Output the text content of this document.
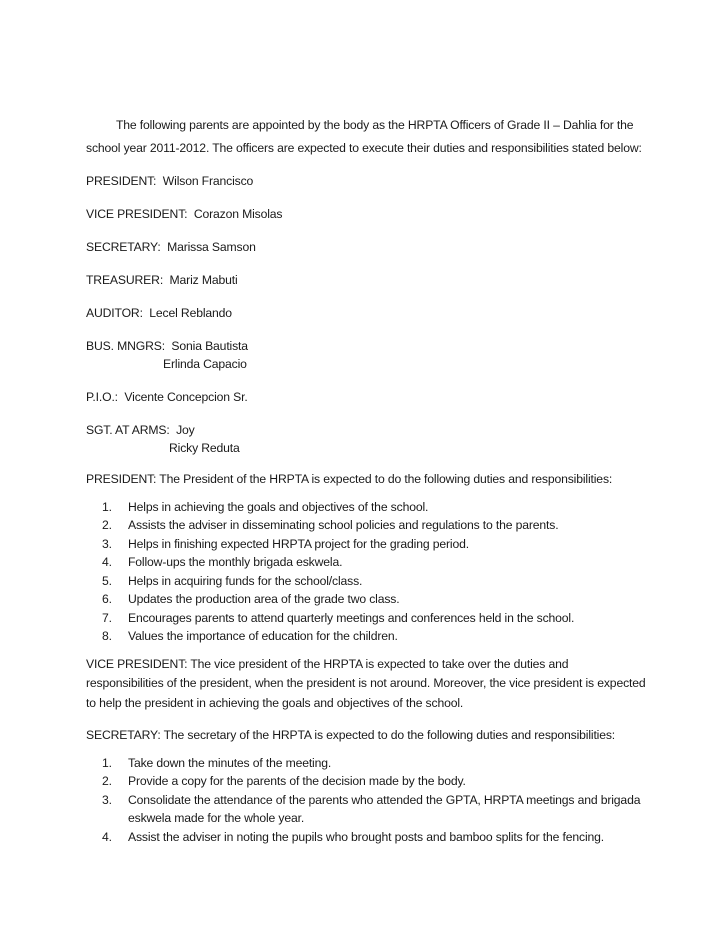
The following parents are appointed by the body as the HRPTA Officers of Grade II – Dahlia for the school year 2011-2012. The officers are expected to execute their duties and responsibilities stated below:

PRESIDENT: Wilson Francisco

VICE PRESIDENT: Corazon Misolas

SECRETARY: Marissa Samson

TREASURER: Mariz Mabuti

AUDITOR: Lecel Reblando

BUS. MNGRS: Sonia Bautista
Erlinda Capacio

P.I.O.: Vicente Concepcion Sr.

SGT. AT ARMS: Joy
Ricky Reduta

PRESIDENT: The President of the HRPTA is expected to do the following duties and responsibilities:

1.	Helps in achieving the goals and objectives of the school.
2.	Assists the adviser in disseminating school policies and regulations to the parents.
3.	Helps in finishing expected HRPTA project for the grading period.
4.	Follow-ups the monthly brigada eskwela.
5.	Helps in acquiring funds for the school/class.
6.	Updates the production area of the grade two class.
7.	Encourages parents to attend quarterly meetings and conferences held in the school.
8.	Values the importance of education for the children.

VICE PRESIDENT: The vice president of the HRPTA is expected to take over the duties and responsibilities of the president, when the president is not around. Moreover, the vice president is expected to help the president in achieving the goals and objectives of the school.

SECRETARY: The secretary of the HRPTA is expected to do the following duties and responsibilities:

1.	Take down the minutes of the meeting.
2.	Provide a copy for the parents of the decision made by the body.
3.	Consolidate the attendance of the parents who attended the GPTA, HRPTA meetings and brigada eskwela made for the whole year.
4.	Assist the adviser in noting the pupils who brought posts and bamboo splits for the fencing.
